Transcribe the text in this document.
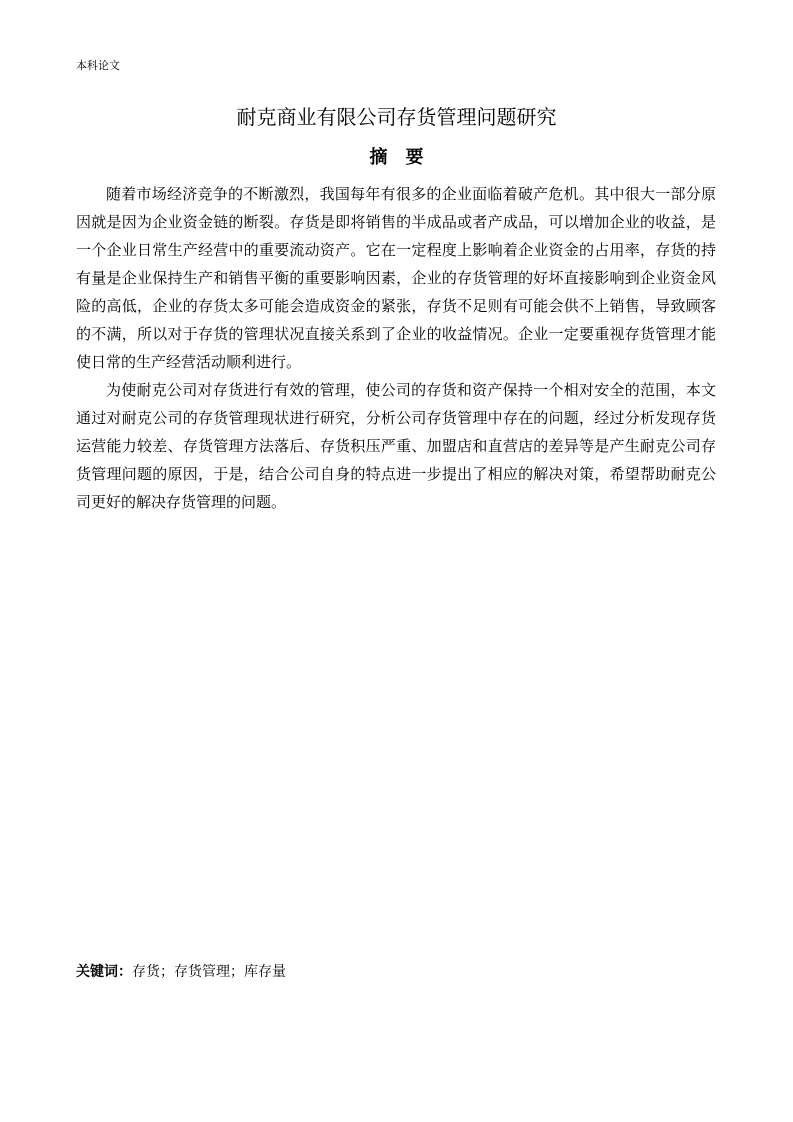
本科论文
耐克商业有限公司存货管理问题研究
摘要

随着市场经济竞争的不断激烈，我国每年有很多的企业面临着破产危机。其中很大一部分原因就是因为企业资金链的断裂。存货是即将销售的半成品或者产成品，可以增加企业的收益，是一个企业日常生产经营中的重要流动资产。它在一定程度上影响着企业资金的占用率，存货的持有量是企业保持生产和销售平衡的重要影响因素，企业的存货管理的好坏直接影响到企业资金风险的高低，企业的存货太多可能会造成资金的紧张，存货不足则有可能会供不上销售，导致顾客的不满，所以对于存货的管理状况直接关系到了企业的收益情况。企业一定要重视存货管理才能使日常的生产经营活动顺利进行。

为使耐克公司对存货进行有效的管理，使公司的存货和资产保持一个相对安全的范围，本文通过对耐克公司的存货管理现状进行研究，分析公司存货管理中存在的问题，经过分析发现存货运营能力较差、存货管理方法落后、存货积压严重、加盟店和直营店的差异等是产生耐克公司存货管理问题的原因，于是，结合公司自身的特点进一步提出了相应的解决对策，希望帮助耐克公司更好的解决存货管理的问题。

关键词：存货；存货管理；库存量
